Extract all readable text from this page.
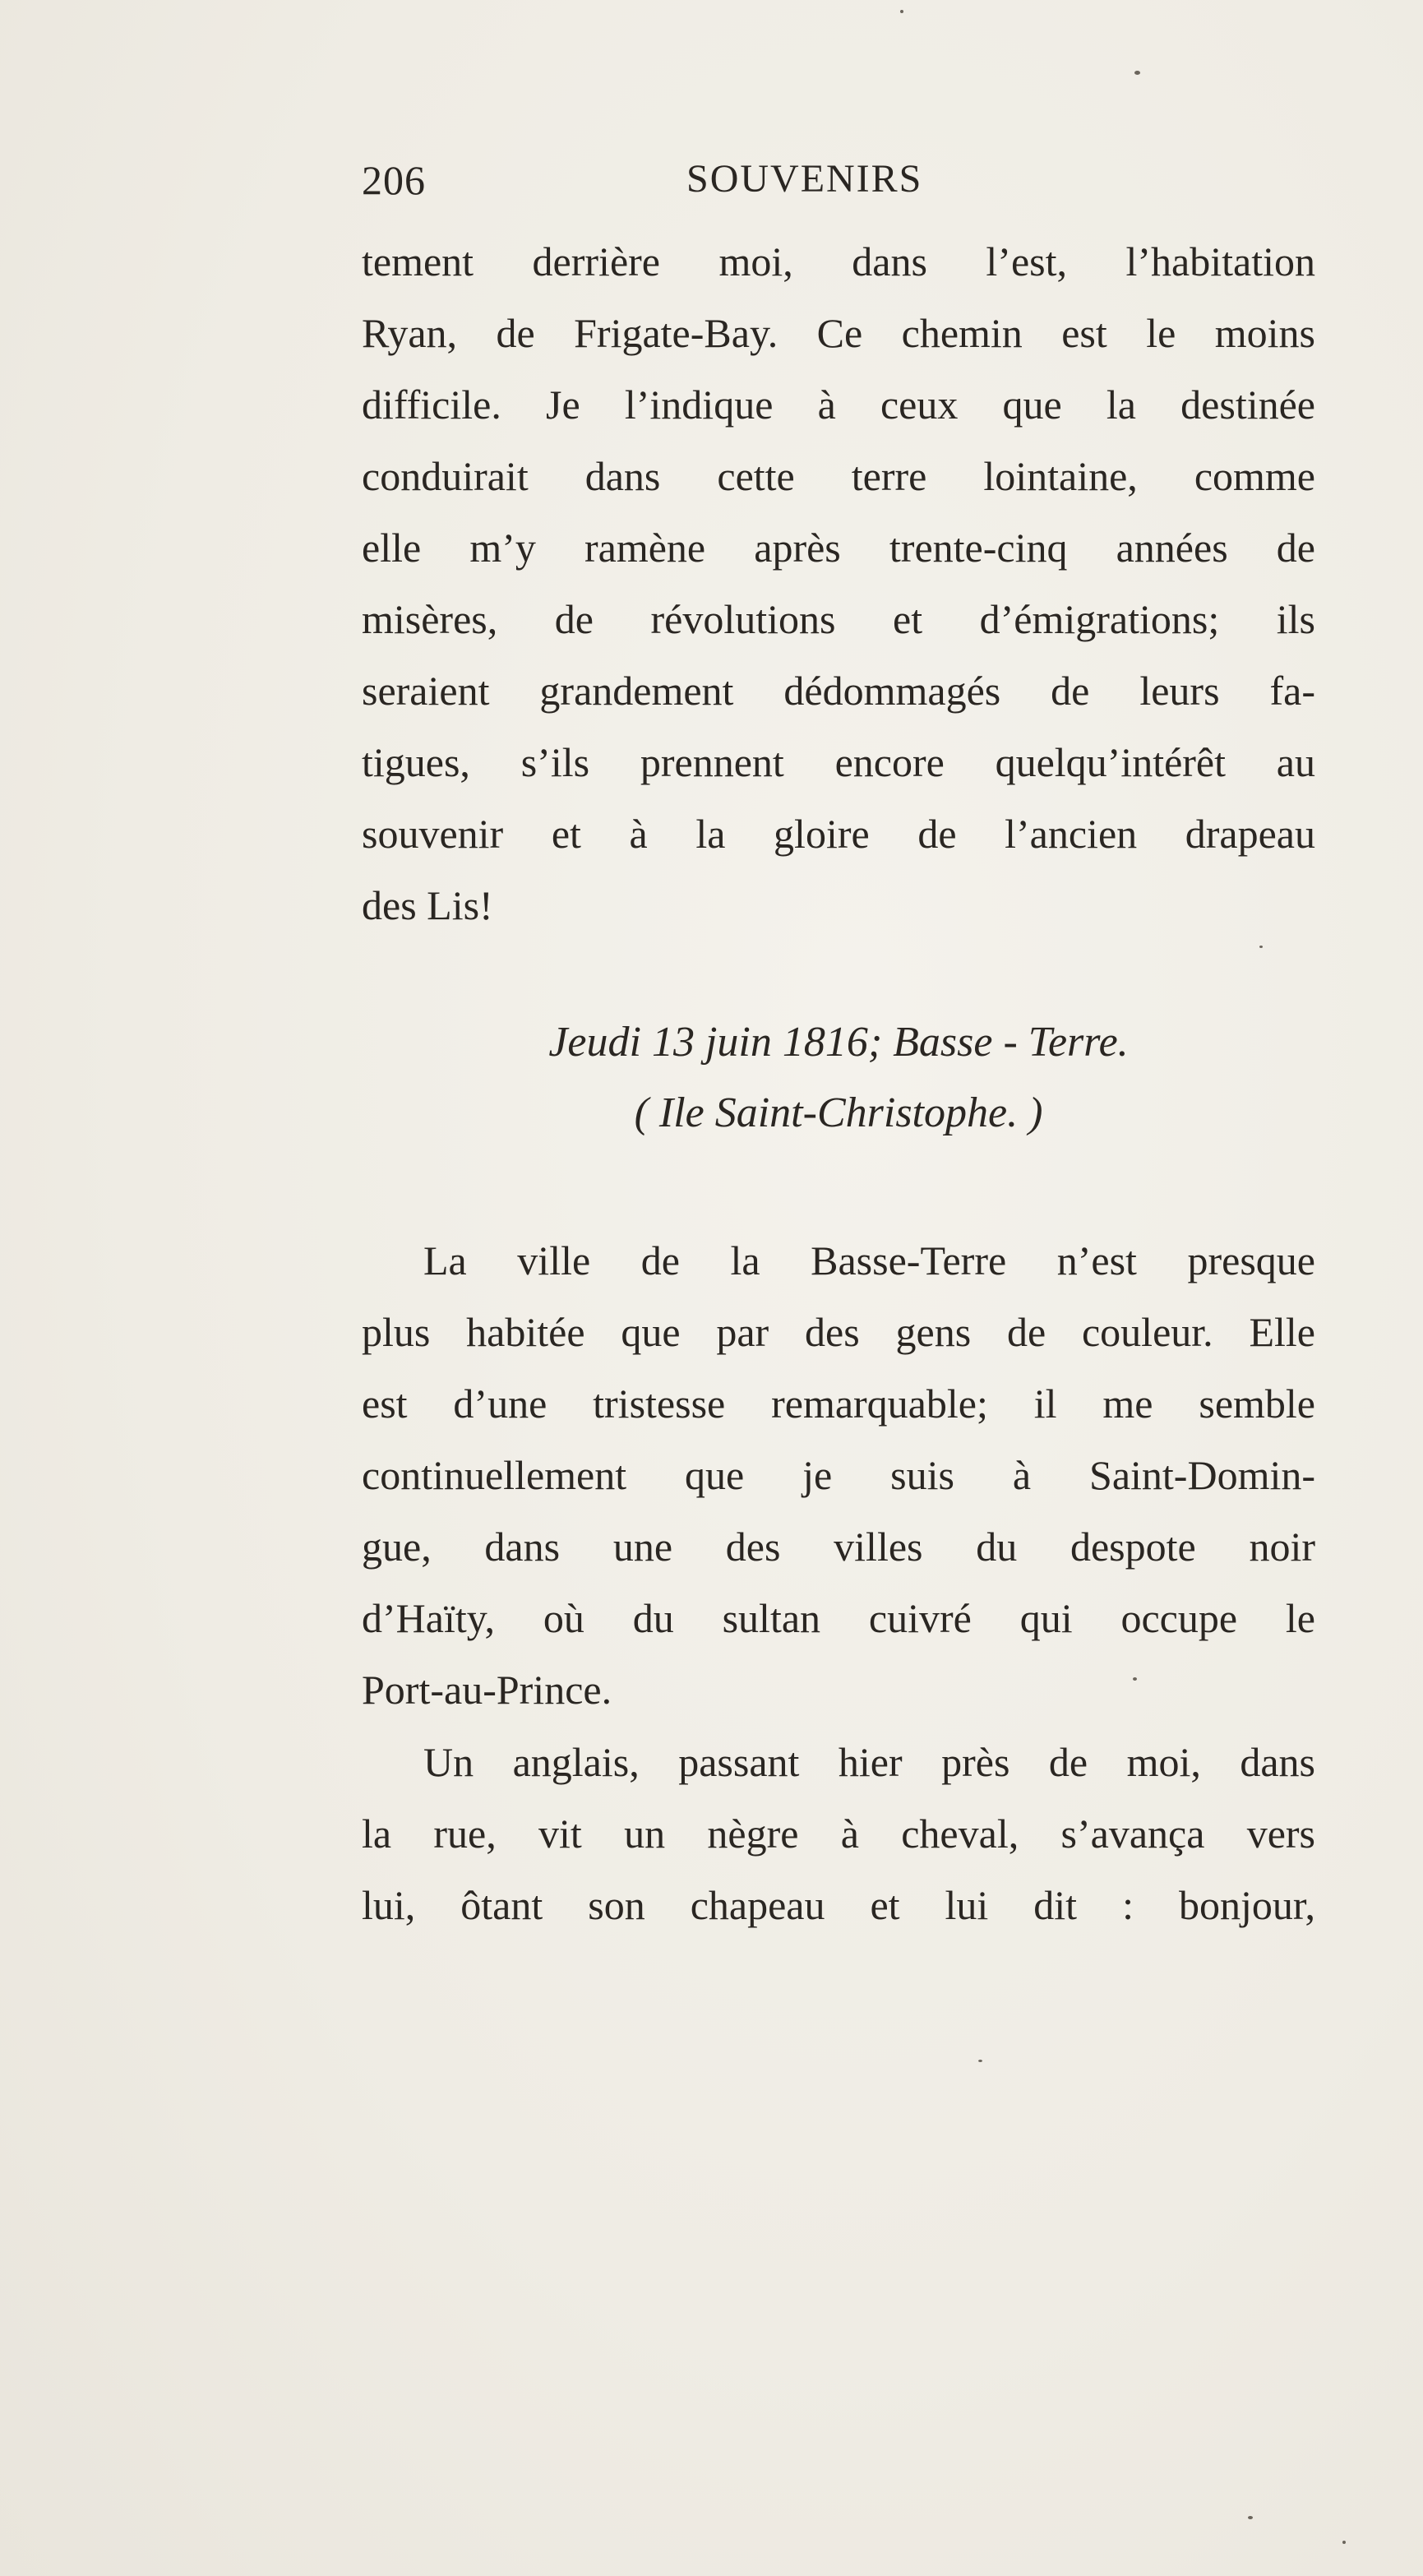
206	SOUVENIRS
tement derrière moi, dans l’est, l’habitation
Ryan, de Frigate-Bay. Ce chemin est le moins
difficile. Je l’indique à ceux que la destinée
conduirait dans cette terre lointaine, comme
elle m’y ramène après trente-cinq années de
misères, de révolutions et d’émigrations; ils
seraient grandement dédommagés de leurs fa-
tigues, s’ils prennent encore quelqu’intérêt au
souvenir et à la gloire de l’ancien drapeau
des Lis!
Jeudi 13 juin 1816; Basse - Terre.
( Ile Saint-Christophe. )
La ville de la Basse-Terre n’est presque
plus habitée que par des gens de couleur. Elle
est d’une tristesse remarquable; il me semble
continuellement que je suis à Saint-Domin-
gue, dans une des villes du despote noir
d’Haïty, où du sultan cuivré qui occupe le
Port-au-Prince.
Un anglais, passant hier près de moi, dans
la rue, vit un nègre à cheval, s’avança vers
lui, ôtant son chapeau et lui dit : bonjour,
